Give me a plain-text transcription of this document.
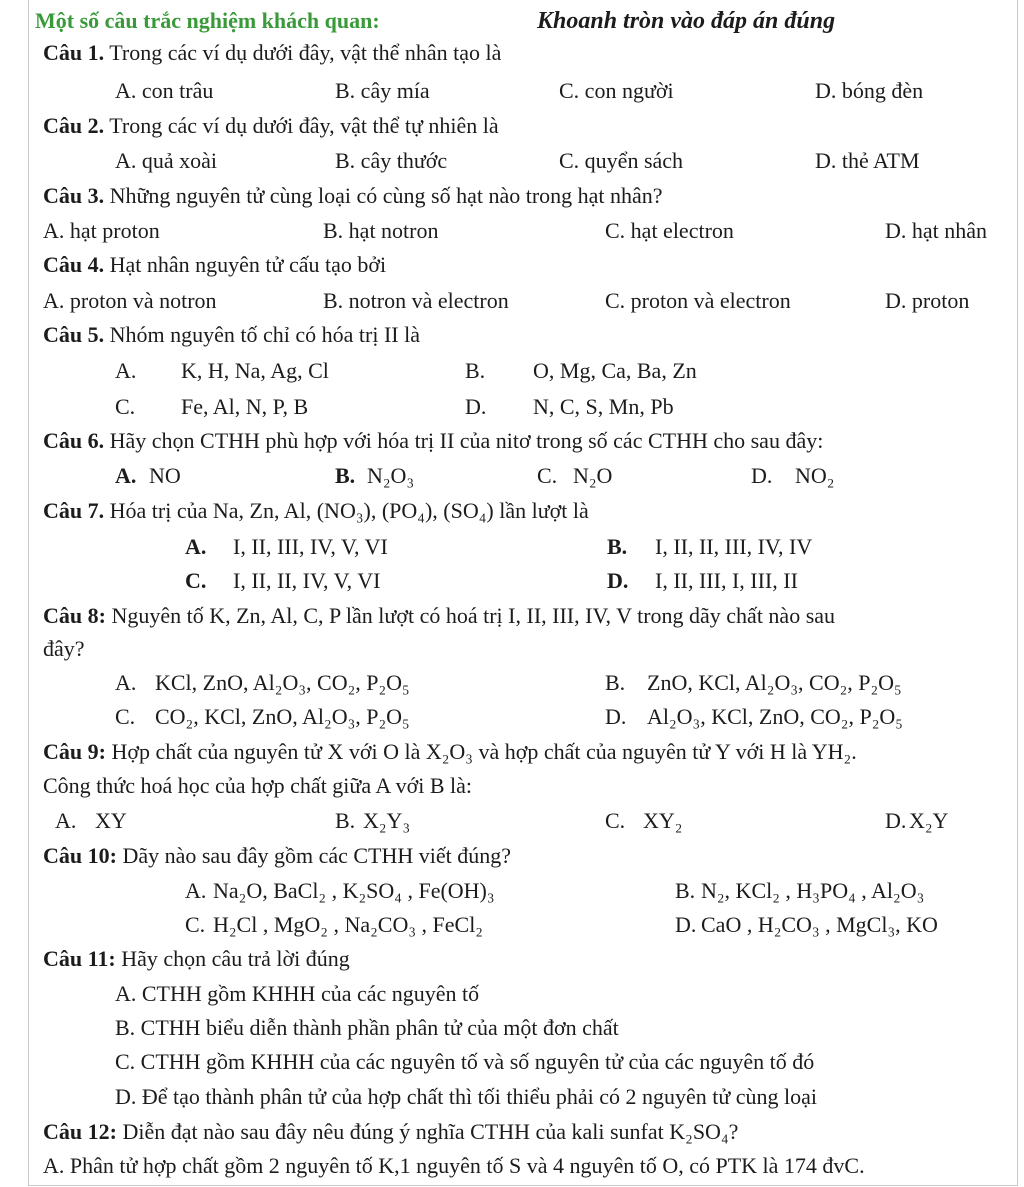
Một số câu trắc nghiệm khách quan:	Khoanh tròn vào đáp án đúng
Câu 1. Trong các ví dụ dưới đây, vật thể nhân tạo là
A. con trâu	B. cây mía	C. con người	D. bóng đèn
Câu 2. Trong các ví dụ dưới đây, vật thể tự nhiên là
A. quả xoài	B. cây thước	C. quyển sách	D. thẻ ATM
Câu 3. Những nguyên tử cùng loại có cùng số hạt nào trong hạt nhân?
A. hạt proton	B. hạt notron	C. hạt electron	D. hạt nhân
Câu 4. Hạt nhân nguyên tử cấu tạo bởi
A. proton và notron	B. notron và electron	C. proton và electron	D. proton
Câu 5. Nhóm nguyên tố chỉ có hóa trị II là
A. K, H, Na, Ag, Cl	B. O, Mg, Ca, Ba, Zn
C. Fe, Al, N, P, B	D. N, C, S, Mn, Pb
Câu 6. Hãy chọn CTHH phù hợp với hóa trị II của nitơ trong số các CTHH cho sau đây:
A. NO	B. N₂O₃	C. N₂O	D. NO₂
Câu 7. Hóa trị của Na, Zn, Al, (NO₃), (PO₄), (SO₄) lần lượt là
A. I, II, III, IV, V, VI	B. I, II, II, III, IV, IV
C. I, II, II, IV, V, VI	D. I, II, III, I, III, II
Câu 8: Nguyên tố K, Zn, Al, C, P lần lượt có hoá trị I, II, III, IV, V trong dãy chất nào sau
đây?
A. KCl, ZnO, Al₂O₃, CO₂, P₂O₅	B. ZnO, KCl, Al₂O₃, CO₂, P₂O₅
C. CO₂, KCl, ZnO, Al₂O₃, P₂O₅	D. Al₂O₃, KCl, ZnO, CO₂, P₂O₅
Câu 9: Hợp chất của nguyên tử X với O là X₂O₃ và hợp chất của nguyên tử Y với H là YH₂.
Công thức hoá học của hợp chất giữa A với B là:
A. XY	B. X₂Y₃	C. XY₂	D. X₂Y
Câu 10: Dãy nào sau đây gồm các CTHH viết đúng?
A. Na₂O, BaCl₂ , K₂SO₄ , Fe(OH)₃	B. N₂, KCl₂ , H₃PO₄ , Al₂O₃
C. H₂Cl , MgO₂ , Na₂CO₃ , FeCl₂	D. CaO , H₂CO₃ , MgCl₃, KO
Câu 11: Hãy chọn câu trả lời đúng
A. CTHH gồm KHHH của các nguyên tố
B. CTHH biểu diễn thành phần phân tử của một đơn chất
C. CTHH gồm KHHH của các nguyên tố và số nguyên tử của các nguyên tố đó
D. Để tạo thành phân tử của hợp chất thì tối thiểu phải có 2 nguyên tử cùng loại
Câu 12: Diễn đạt nào sau đây nêu đúng ý nghĩa CTHH của kali sunfat K₂SO₄?
A. Phân tử hợp chất gồm 2 nguyên tố K,1 nguyên tố S và 4 nguyên tố O, có PTK là 174 đvC.
